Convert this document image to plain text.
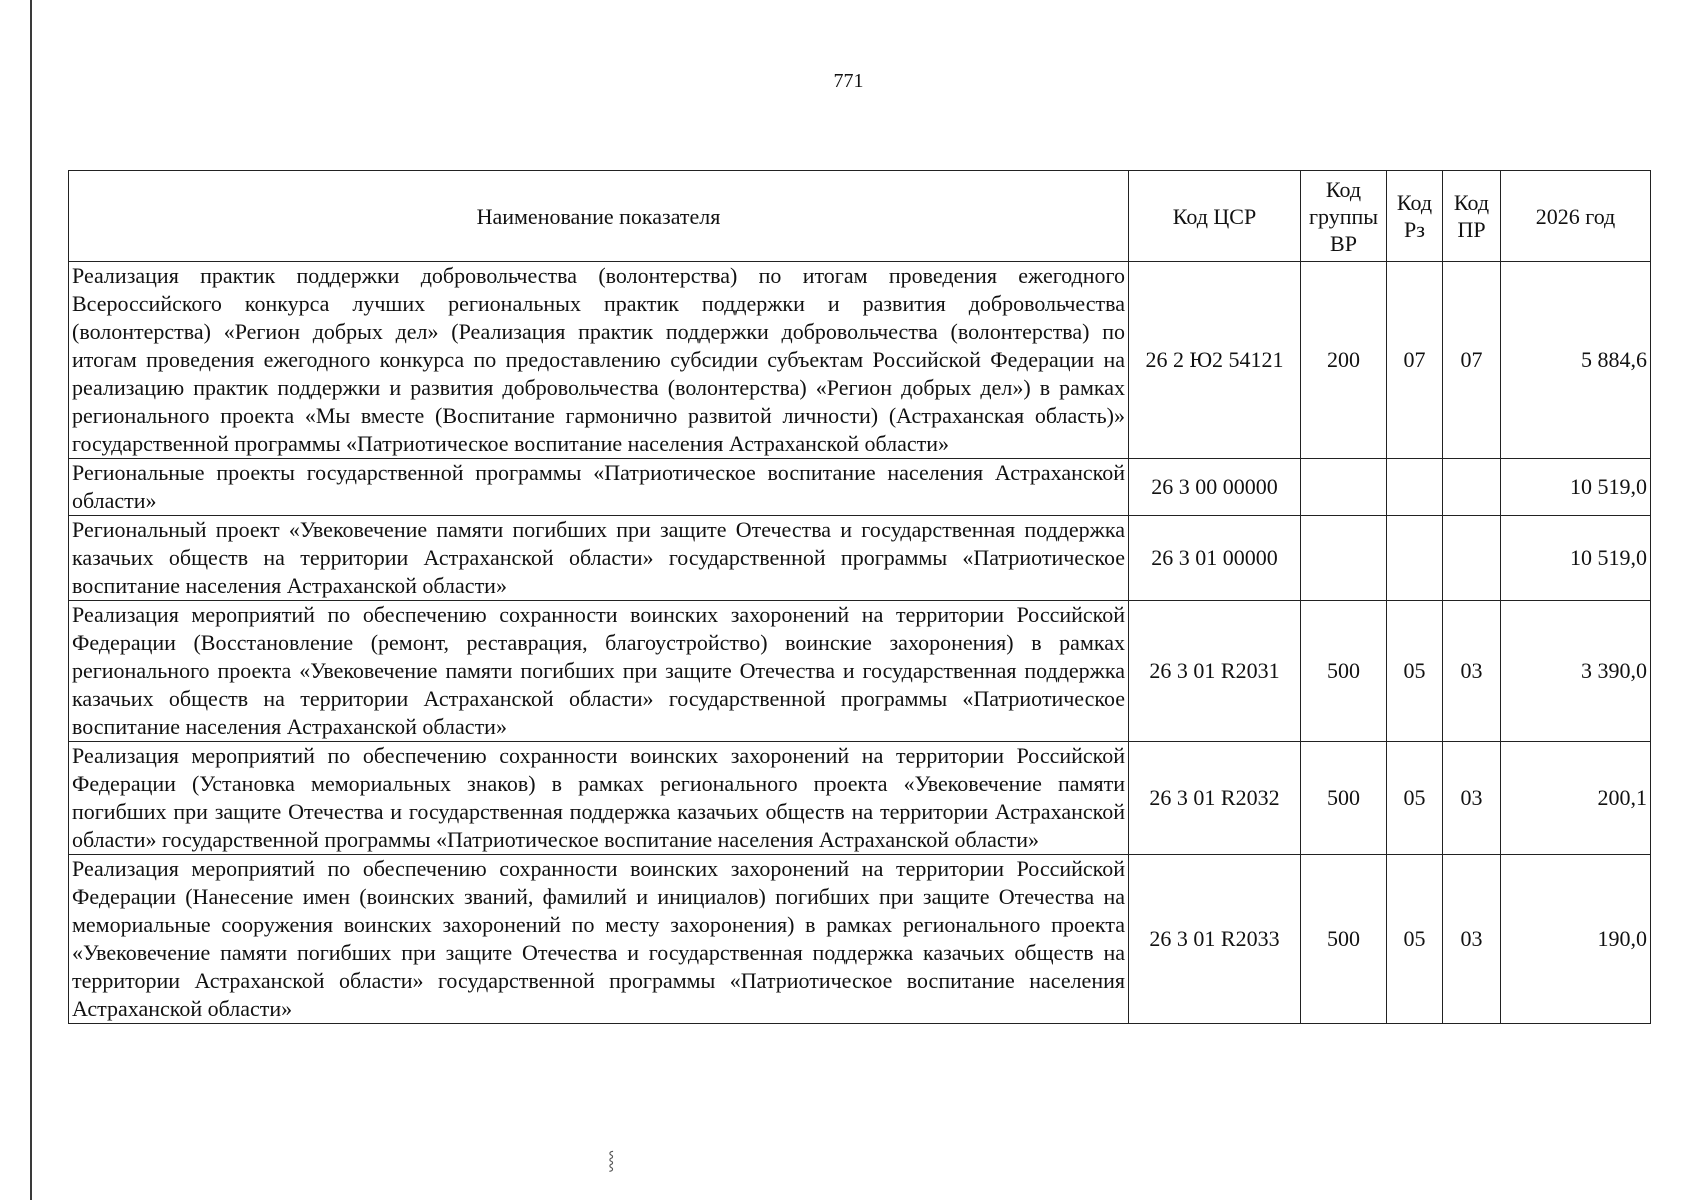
771
Наименование показателя	Код ЦСР	Код группы ВР	Код Рз	Код ПР	2026 год
Реализация практик поддержки добровольчества (волонтерства) по итогам проведения ежегодного Всероссийского конкурса лучших региональных практик поддержки и развития добровольчества (волонтерства) «Регион добрых дел» (Реализация практик поддержки добровольчества (волонтерства) по итогам проведения ежегодного конкурса по предоставлению субсидии субъектам Российской Федерации на реализацию практик поддержки и развития добровольчества (волонтерства) «Регион добрых дел») в рамках регионального проекта «Мы вместе (Воспитание гармонично развитой личности) (Астраханская область)» государственной программы «Патриотическое воспитание населения Астраханской области»	26 2 Ю2 54121	200	07	07	5 884,6
Региональные проекты государственной программы «Патриотическое воспитание населения Астраханской области»	26 3 00 00000				10 519,0
Региональный проект «Увековечение памяти погибших при защите Отечества и государственная поддержка казачьих обществ на территории Астраханской области» государственной программы «Патриотическое воспитание населения Астраханской области»	26 3 01 00000				10 519,0
Реализация мероприятий по обеспечению сохранности воинских захоронений на территории Российской Федерации (Восстановление (ремонт, реставрация, благоустройство) воинские захоронения) в рамках регионального проекта «Увековечение памяти погибших при защите Отечества и государственная поддержка казачьих обществ на территории Астраханской области» государственной программы «Патриотическое воспитание населения Астраханской области»	26 3 01 R2031	500	05	03	3 390,0
Реализация мероприятий по обеспечению сохранности воинских захоронений на территории Российской Федерации (Установка мемориальных знаков) в рамках регионального проекта «Увековечение памяти погибших при защите Отечества и государственная поддержка казачьих обществ на территории Астраханской области» государственной программы «Патриотическое воспитание населения Астраханской области»	26 3 01 R2032	500	05	03	200,1
Реализация мероприятий по обеспечению сохранности воинских захоронений на территории Российской Федерации (Нанесение имен (воинских званий, фамилий и инициалов) погибших при защите Отечества на мемориальные сооружения воинских захоронений по месту захоронения) в рамках регионального проекта «Увековечение памяти погибших при защите Отечества и государственная поддержка казачьих обществ на территории Астраханской области» государственной программы «Патриотическое воспитание населения Астраханской области»	26 3 01 R2033	500	05	03	190,0
⸾
